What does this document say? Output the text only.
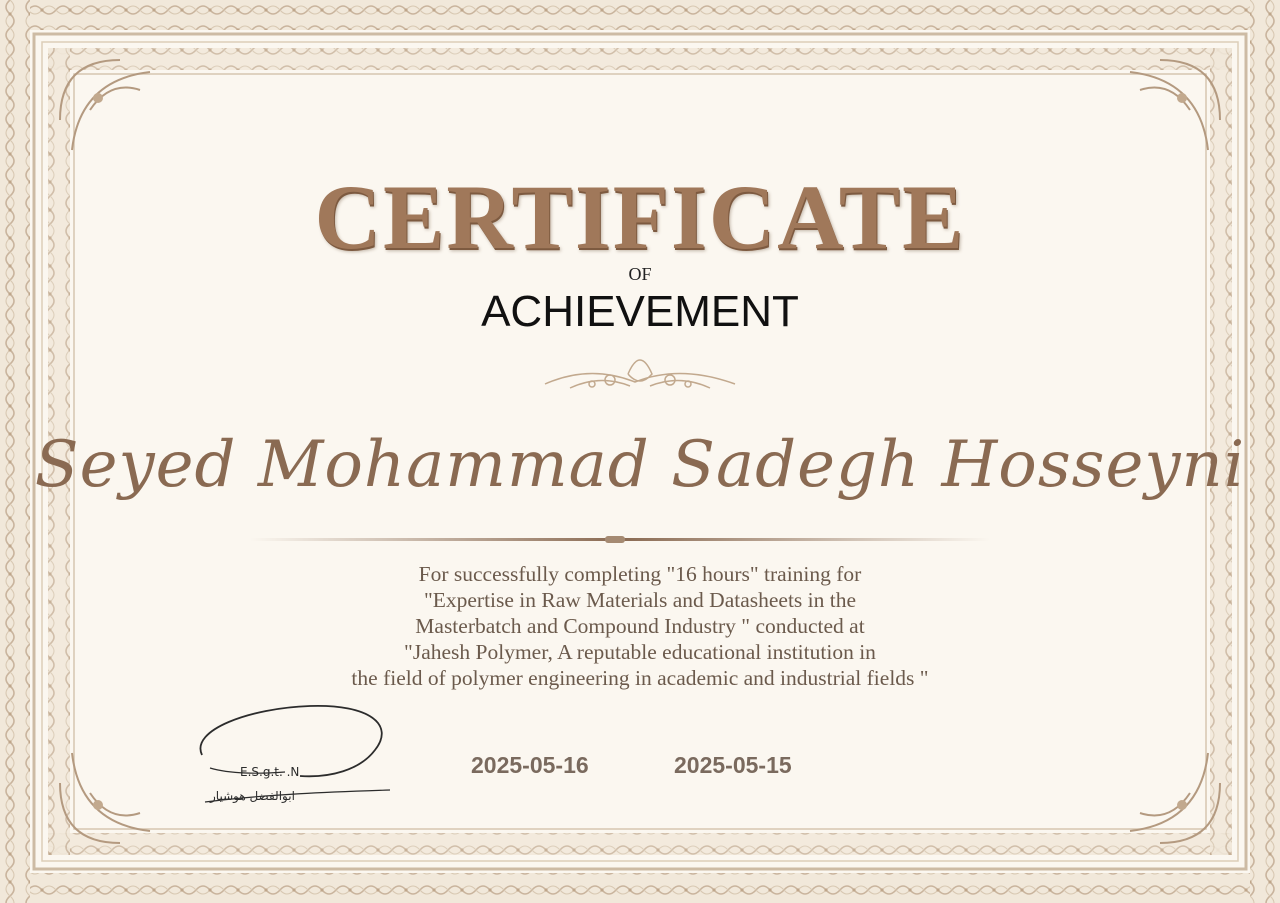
CERTIFICATE
OF
ACHIEVEMENT
Seyed Mohammad Sadegh Hosseyni
For successfully completing "16 hours" training for
"Expertise in Raw Materials and Datasheets in the
Masterbatch and Compound Industry " conducted at
"Jahesh Polymer, A reputable educational institution in
the field of polymer engineering in academic and industrial fields "
E.S.g.t. .N
ابوالفضل هوشیار
2025-05-16	2025-05-15
